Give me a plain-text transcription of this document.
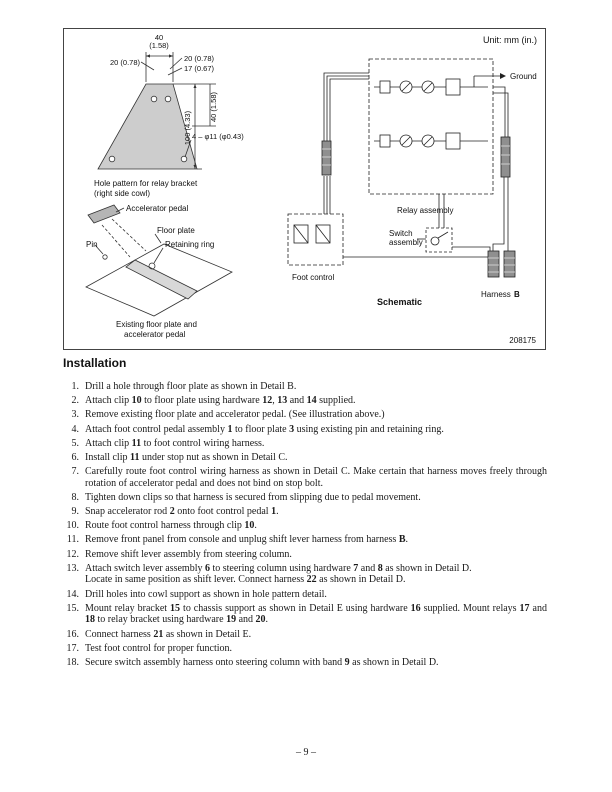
Unit: mm (in.)
40
(1.58)
20 (0.78)	20 (0.78)
17 (0.67)
40 (1.58)
100 (4.33) 4 – φ11 (φ0.43)
Hole pattern for relay bracket
(right side cowl)
Accelerator pedal
Floor plate
Retaining ring
Pin
Existing floor plate and
accelerator pedal
Ground
Relay assembly
Switch
assembly
Foot control
Schematic
Harness B
208175
Installation
1. Drill a hole through floor plate as shown in Detail B.
2. Attach clip 10 to floor plate using hardware 12, 13 and 14 supplied.
3. Remove existing floor plate and accelerator pedal. (See illustration above.)
4. Attach foot control pedal assembly 1 to floor plate 3 using existing pin and retaining ring.
5. Attach clip 11 to foot control wiring harness.
6. Install clip 11 under stop nut as shown in Detail C.
7. Carefully route foot control wiring harness as shown in Detail C. Make certain that harness moves freely through rotation of accelerator pedal and does not bind on stop bolt.
8. Tighten down clips so that harness is secured from slipping due to pedal movement.
9. Snap accelerator rod 2 onto foot control pedal 1.
10. Route foot control harness through clip 10.
11. Remove front panel from console and unplug shift lever harness from harness B.
12. Remove shift lever assembly from steering column.
13. Attach switch lever assembly 6 to steering column using hardware 7 and 8 as shown in Detail D.
Locate in same position as shift lever. Connect harness 22 as shown in Detail D.
14. Drill holes into cowl support as shown in hole pattern detail.
15. Mount relay bracket 15 to chassis support as shown in Detail E using hardware 16 supplied. Mount relays 17 and 18 to relay bracket using hardware 19 and 20.
16. Connect harness 21 as shown in Detail E.
17. Test foot control for proper function.
18. Secure switch assembly harness onto steering column with band 9 as shown in Detail D.
– 9 –
